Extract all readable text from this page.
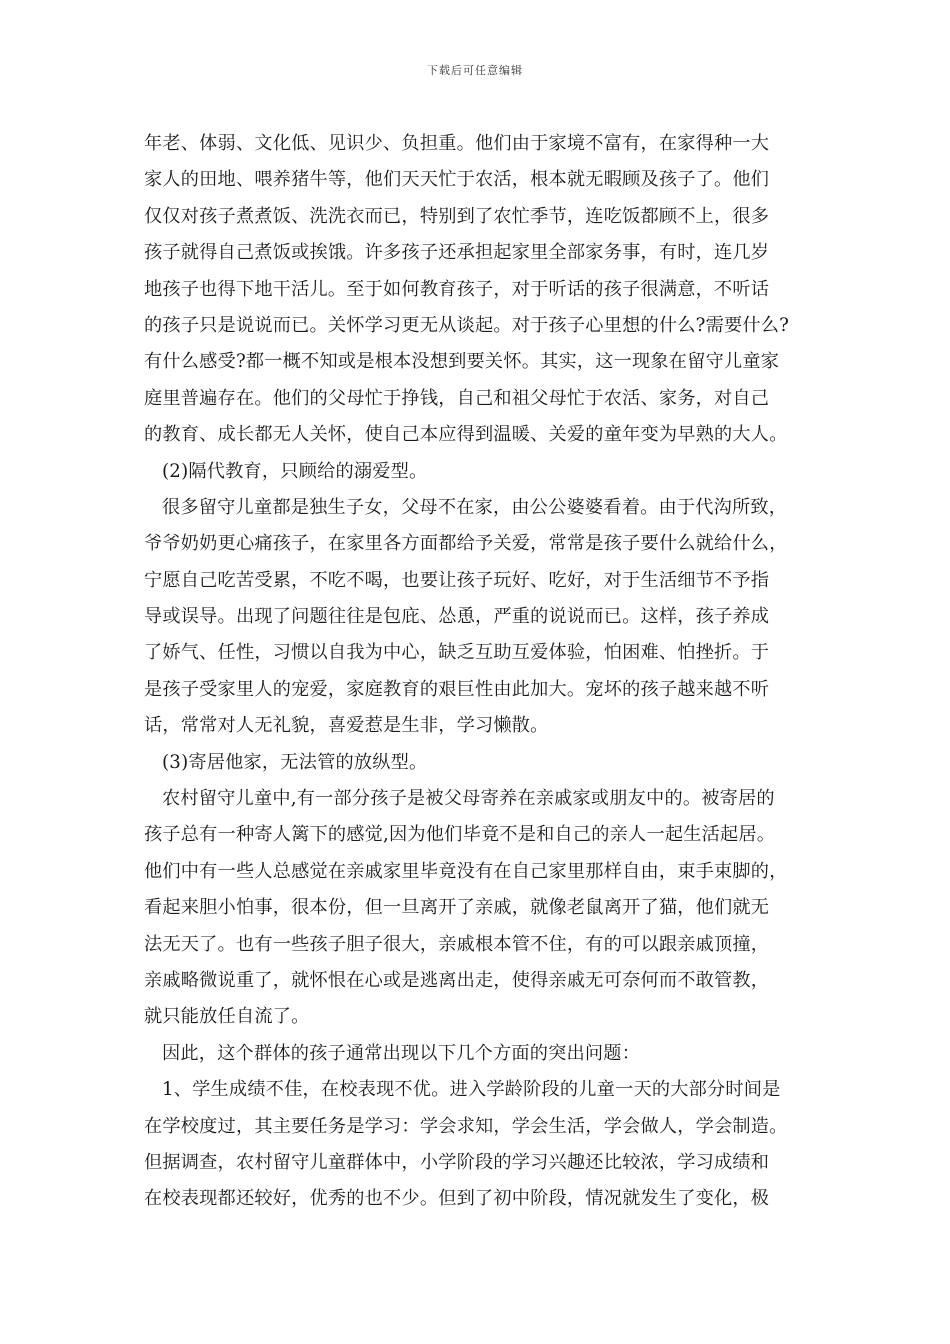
下载后可任意编辑
年老、体弱、文化低、见识少、负担重。他们由于家境不富有，在家得种一大
家人的田地、喂养猪牛等，他们天天忙于农活，根本就无暇顾及孩子了。他们
仅仅对孩子煮煮饭、洗洗衣而已，特别到了农忙季节，连吃饭都顾不上，很多
孩子就得自己煮饭或挨饿。许多孩子还承担起家里全部家务事，有时，连几岁
地孩子也得下地干活儿。至于如何教育孩子，对于听话的孩子很满意，不听话
的孩子只是说说而已。关怀学习更无从谈起。对于孩子心里想的什么?需要什么?
有什么感受?都一概不知或是根本没想到要关怀。其实，这一现象在留守儿童家
庭里普遍存在。他们的父母忙于挣钱，自己和祖父母忙于农活、家务，对自己
的教育、成长都无人关怀，使自己本应得到温暖、关爱的童年变为早熟的大人。
(2)隔代教育，只顾给的溺爱型。
很多留守儿童都是独生子女，父母不在家，由公公婆婆看着。由于代沟所致，
爷爷奶奶更心痛孩子，在家里各方面都给予关爱，常常是孩子要什么就给什么，
宁愿自己吃苦受累，不吃不喝，也要让孩子玩好、吃好，对于生活细节不予指
导或误导。出现了问题往往是包庇、怂恿，严重的说说而已。这样，孩子养成
了娇气、任性，习惯以自我为中心，缺乏互助互爱体验，怕困难、怕挫折。于
是孩子受家里人的宠爱，家庭教育的艰巨性由此加大。宠坏的孩子越来越不听
话，常常对人无礼貌，喜爱惹是生非，学习懒散。
(3)寄居他家，无法管的放纵型。
农村留守儿童中,有一部分孩子是被父母寄养在亲戚家或朋友中的。被寄居的
孩子总有一种寄人篱下的感觉,因为他们毕竟不是和自己的亲人一起生活起居。
他们中有一些人总感觉在亲戚家里毕竟没有在自己家里那样自由，束手束脚的，
看起来胆小怕事，很本份，但一旦离开了亲戚，就像老鼠离开了猫，他们就无
法无天了。也有一些孩子胆子很大，亲戚根本管不住，有的可以跟亲戚顶撞，
亲戚略微说重了，就怀恨在心或是逃离出走，使得亲戚无可奈何而不敢管教，
就只能放任自流了。
因此，这个群体的孩子通常出现以下几个方面的突出问题：
1、学生成绩不佳，在校表现不优。进入学龄阶段的儿童一天的大部分时间是
在学校度过，其主要任务是学习：学会求知，学会生活，学会做人，学会制造。
但据调查，农村留守儿童群体中，小学阶段的学习兴趣还比较浓，学习成绩和
在校表现都还较好，优秀的也不少。但到了初中阶段，情况就发生了变化，极
